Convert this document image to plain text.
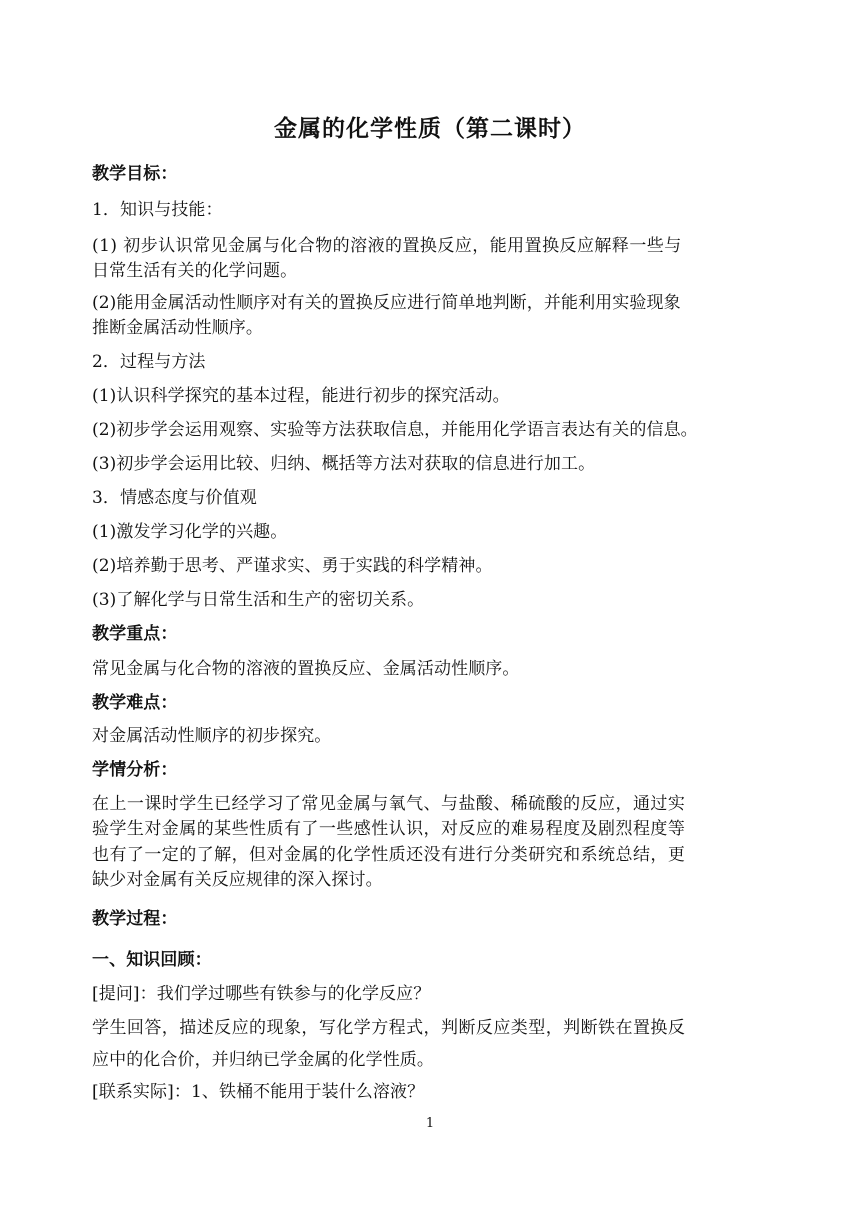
金属的化学性质（第二课时）
教学目标：
1．知识与技能：
(1) 初步认识常见金属与化合物的溶液的置换反应，能用置换反应解释一些与
日常生活有关的化学问题。
(2)能用金属活动性顺序对有关的置换反应进行简单地判断，并能利用实验现象
推断金属活动性顺序。
2．过程与方法
(1)认识科学探究的基本过程，能进行初步的探究活动。
(2)初步学会运用观察、实验等方法获取信息，并能用化学语言表达有关的信息。
(3)初步学会运用比较、归纳、概括等方法对获取的信息进行加工。
3．情感态度与价值观
(1)激发学习化学的兴趣。
(2)培养勤于思考、严谨求实、勇于实践的科学精神。
(3)了解化学与日常生活和生产的密切关系。
教学重点：
常见金属与化合物的溶液的置换反应、金属活动性顺序。
教学难点：
对金属活动性顺序的初步探究。
学情分析：
在上一课时学生已经学习了常见金属与氧气、与盐酸、稀硫酸的反应，通过实
验学生对金属的某些性质有了一些感性认识，对反应的难易程度及剧烈程度等
也有了一定的了解，但对金属的化学性质还没有进行分类研究和系统总结，更
缺少对金属有关反应规律的深入探讨。
教学过程：
一、知识回顾：
[提问]：我们学过哪些有铁参与的化学反应？
学生回答，描述反应的现象，写化学方程式，判断反应类型，判断铁在置换反
应中的化合价，并归纳已学金属的化学性质。
[联系实际]：1、铁桶不能用于装什么溶液？
1
